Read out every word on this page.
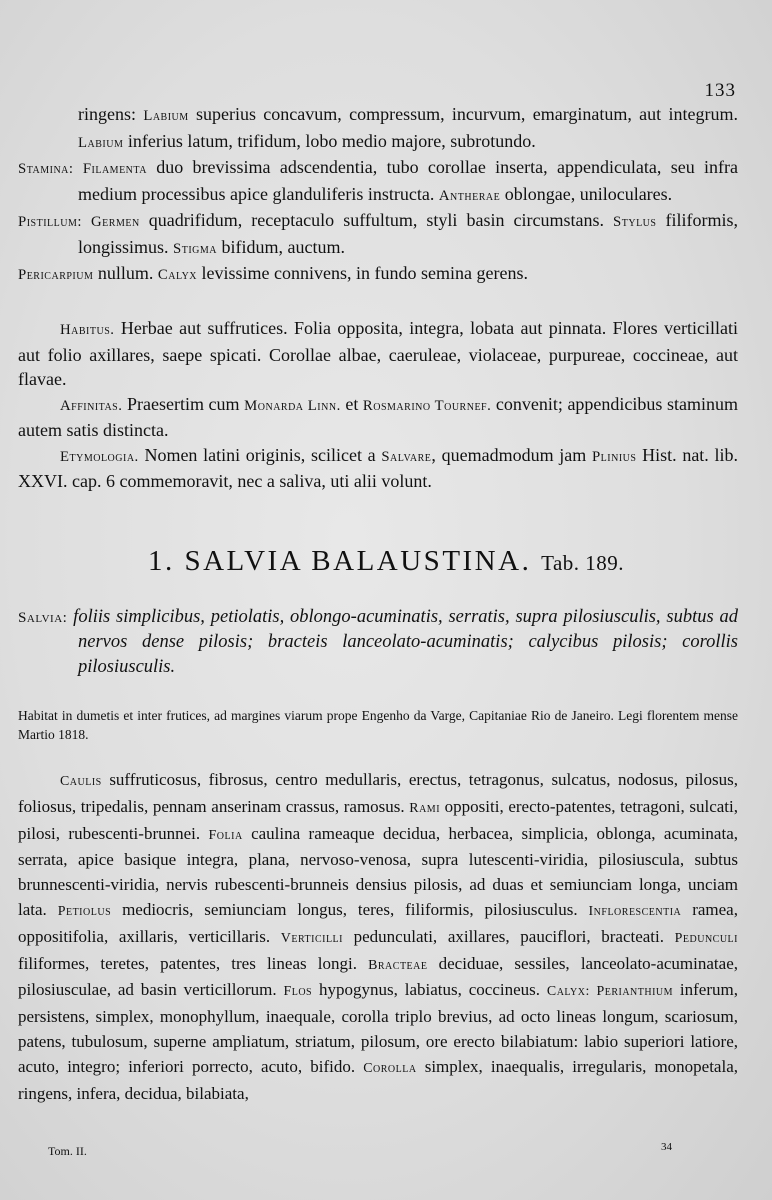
133

ringens: Labium superius concavum, compressum, incurvum, emarginatum, aut integrum. Labium inferius latum, trifidum, lobo medio majore, subrotundo.

Stamina: Filamenta duo brevissima adscendentia, tubo corollae inserta, appendiculata, seu infra medium processibus apice glanduliferis instructa. Antherae oblongae, uniloculares.

Pistillum: Germen quadrifidum, receptaculo suffultum, styli basin circumstans. Stylus filiformis, longissimus. Stigma bifidum, auctum.

Pericarpium nullum. Calyx levissime connivens, in fundo semina gerens.

Habitus. Herbae aut suffrutices. Folia opposita, integra, lobata aut pinnata. Flores verticillati aut folio axillares, saepe spicati. Corollae albae, caeruleae, violaceae, purpureae, coccineae, aut flavae.

Affinitas. Praesertim cum Monarda Linn. et Rosmarino Tournef. convenit; appendicibus staminum autem satis distincta.

Etymologia. Nomen latini originis, scilicet a Salvare, quemadmodum jam Plinius Hist. nat. lib. XXVI. cap. 6 commemoravit, nec a saliva, uti alii volunt.

1. SALVIA BALAUSTINA. Tab. 189.

Salvia: foliis simplicibus, petiolatis, oblongo-acuminatis, serratis, supra pilosiusculis, subtus ad nervos dense pilosis; bracteis lanceolato-acuminatis; calycibus pilosis; corollis pilosiusculis.

Habitat in dumetis et inter frutices, ad margines viarum prope Engenho da Varge, Capitaniae Rio de Janeiro. Legi florentem mense Martio 1818.

Caulis suffruticosus, fibrosus, centro medullaris, erectus, tetragonus, sulcatus, nodosus, pilosus, foliosus, tripedalis, pennam anserinam crassus, ramosus. Rami oppositi, erecto-patentes, tetragoni, sulcati, pilosi, rubescenti-brunnei. Folia caulina rameaque decidua, herbacea, simplicia, oblonga, acuminata, serrata, apice basique integra, plana, nervoso-venosa, supra lutescenti-viridia, pilosiuscula, subtus brunnescenti-viridia, nervis rubescenti-brunneis densius pilosis, ad duas et semiunciam longa, unciam lata. Petiolus mediocris, semiunciam longus, teres, filiformis, pilosiusculus. Inflorescentia ramea, oppositifolia, axillaris, verticillaris. Verticilli pedunculati, axillares, pauciflori, bracteati. Pedunculi filiformes, teretes, patentes, tres lineas longi. Bracteae deciduae, sessiles, lanceolato-acuminatae, pilosiusculae, ad basin verticillorum. Flos hypogynus, labiatus, coccineus. Calyx: Perianthium inferum, persistens, simplex, monophyllum, inaequale, corolla triplo brevius, ad octo lineas longum, scariosum, patens, tubulosum, superne ampliatum, striatum, pilosum, ore erecto bilabiatum: labio superiori latiore, acuto, integro; inferiori porrecto, acuto, bifido. Corolla simplex, inaequalis, irregularis, monopetala, ringens, infera, decidua, bilabiata,

Tom. II.	34
